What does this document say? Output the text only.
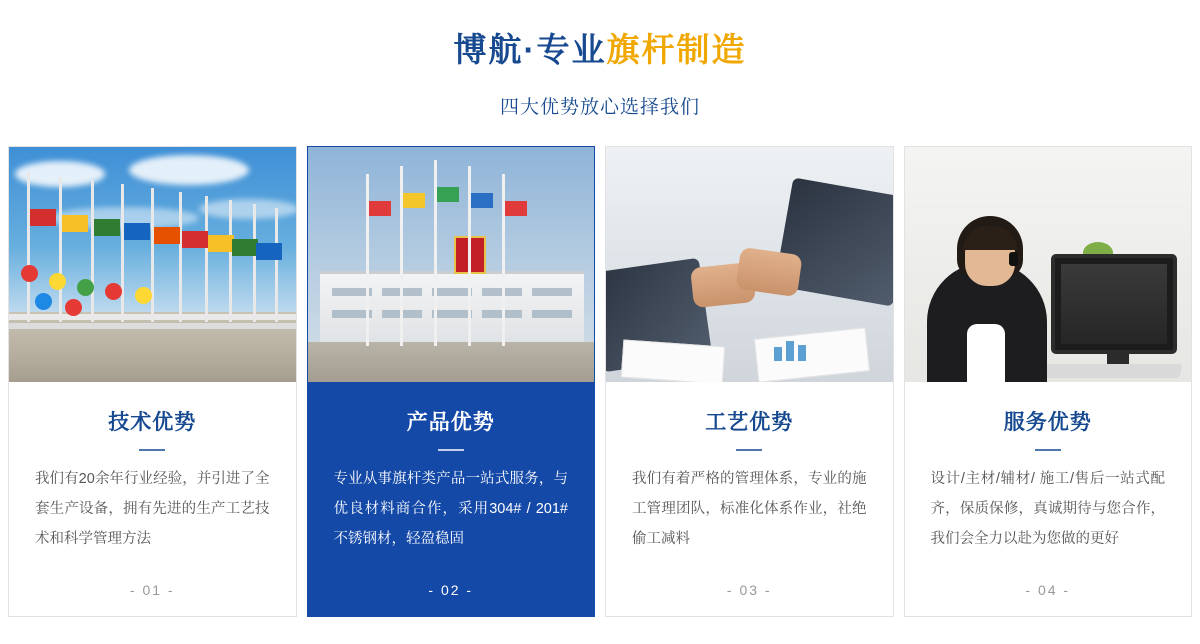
博航·专业旗杆制造
四大优势放心选择我们
技术优势
我们有20余年行业经验，并引进了全套生产设备，拥有先进的生产工艺技术和科学管理方法
- 01 -
产品优势
专业从事旗杆类产品一站式服务，与优良材料商合作，采用304# / 201#不锈钢材，轻盈稳固
- 02 -
工艺优势
我们有着严格的管理体系，专业的施工管理团队，标准化体系作业，社绝偷工减料
- 03 -
服务优势
设计/主材/辅材/ 施工/售后一站式配齐，保质保修，真诚期待与您合作，我们会全力以赴为您做的更好
- 04 -
